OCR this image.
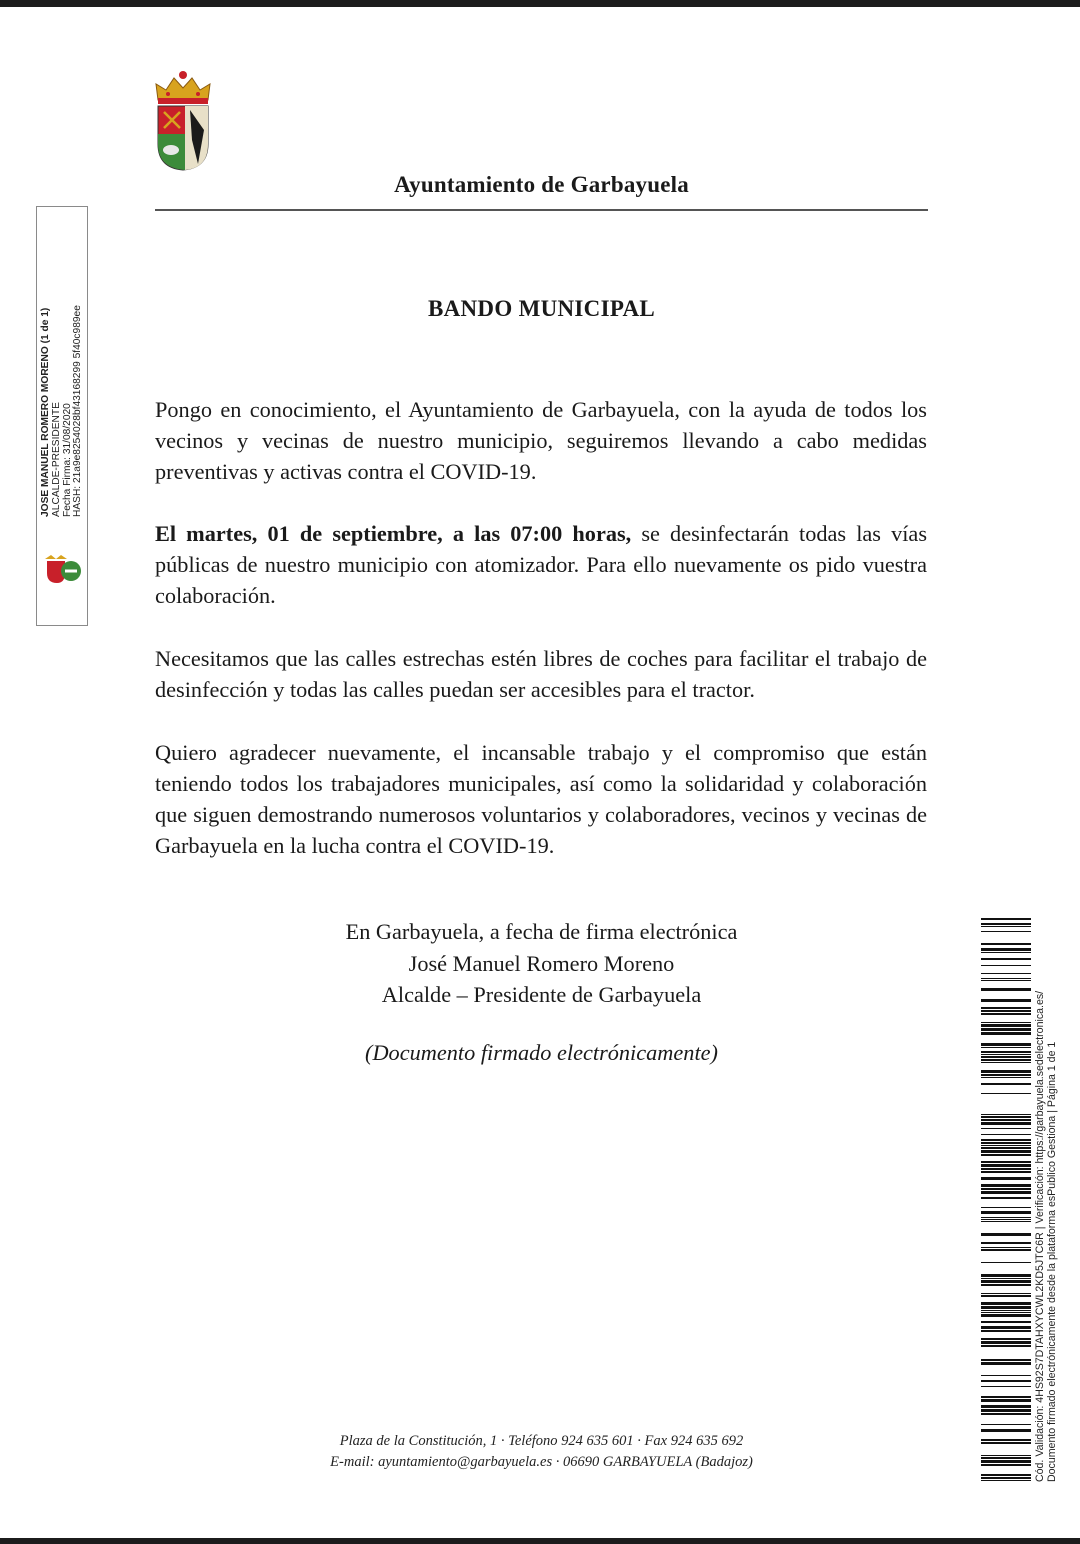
Ayuntamiento de Garbayuela
BANDO MUNICIPAL

Pongo en conocimiento, el Ayuntamiento de Garbayuela, con la ayuda de todos los vecinos y vecinas de nuestro municipio, seguiremos llevando a cabo medidas preventivas y activas contra el COVID-19.

El martes, 01 de septiembre, a las 07:00 horas, se desinfectarán todas las vías públicas de nuestro municipio con atomizador. Para ello nuevamente os pido vuestra colaboración.

Necesitamos que las calles estrechas estén libres de coches para facilitar el trabajo de desinfección y todas las calles puedan ser accesibles para el tractor.

Quiero agradecer nuevamente, el incansable trabajo y el compromiso que están teniendo todos los trabajadores municipales, así como la solidaridad y colaboración que siguen demostrando numerosos voluntarios y colaboradores, vecinos y vecinas de Garbayuela en la lucha contra el COVID-19.

En Garbayuela, a fecha de firma electrónica
José Manuel Romero Moreno
Alcalde – Presidente de Garbayuela
(Documento firmado electrónicamente)
Plaza de la Constitución, 1 · Teléfono 924 635 601 · Fax 924 635 692
E-mail: ayuntamiento@garbayuela.es · 06690 GARBAYUELA (Badajoz)
JOSE MANUEL ROMERO MORENO (1 de 1) ALCALDE-PRESIDENTE Fecha Firma: 31/08/2020 HASH: 21a9e8254028bf43168299 5f40c989ee
Cód. Validación: 4HS92S7DTAHXYCWL2KD5JTC6R | Verificación: https://garbayuela.sedelectronica.es/ Documento firmado electrónicamente desde la plataforma esPublico Gestiona | Página 1 de 1
